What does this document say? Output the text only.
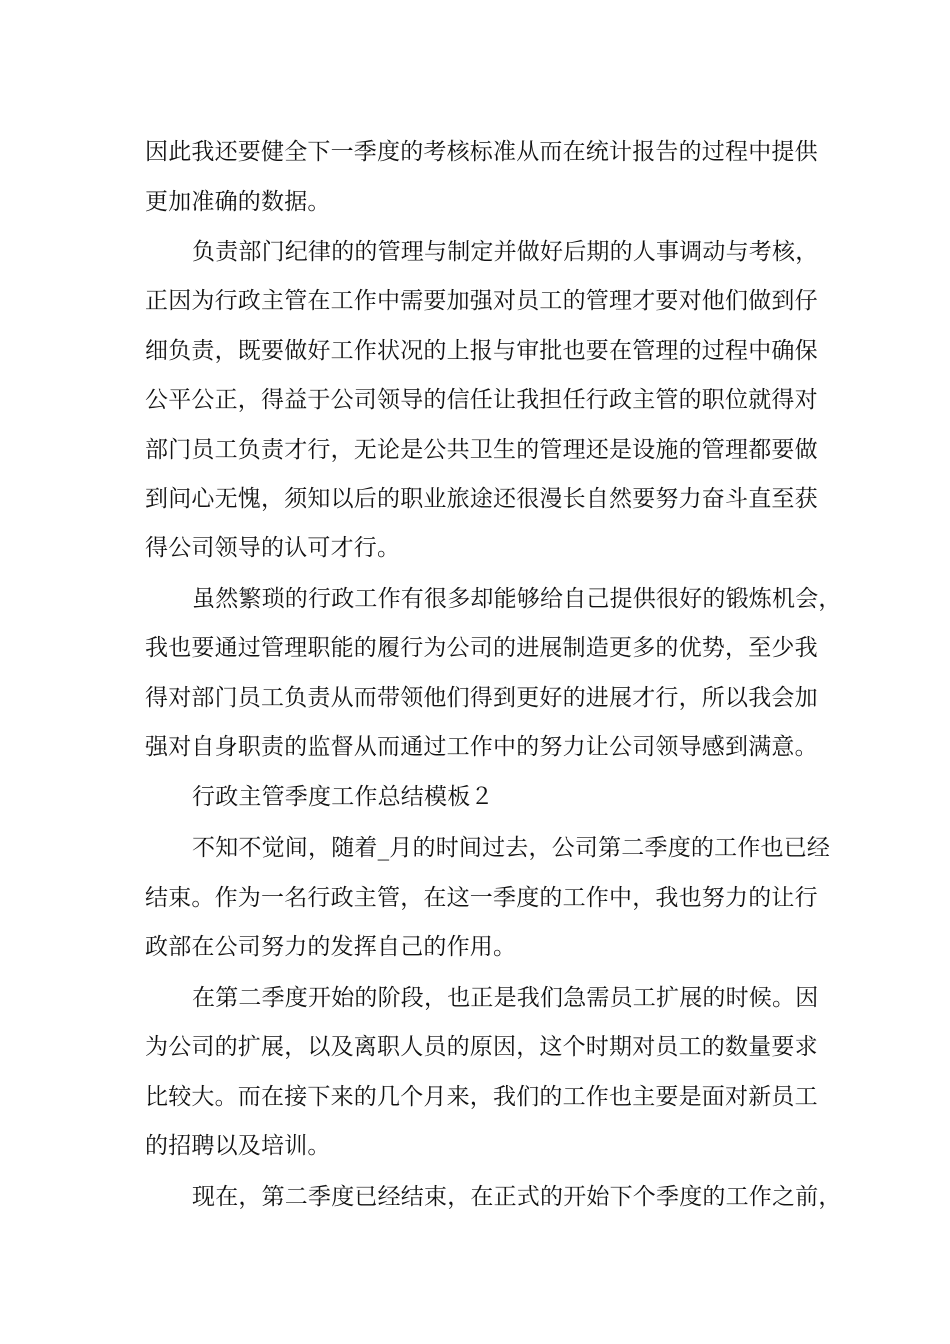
因此我还要健全下一季度的考核标准从而在统计报告的过程中提供
更加准确的数据。
负责部门纪律的的管理与制定并做好后期的人事调动与考核，
正因为行政主管在工作中需要加强对员工的管理才要对他们做到仔
细负责，既要做好工作状况的上报与审批也要在管理的过程中确保
公平公正，得益于公司领导的信任让我担任行政主管的职位就得对
部门员工负责才行，无论是公共卫生的管理还是设施的管理都要做
到问心无愧，须知以后的职业旅途还很漫长自然要努力奋斗直至获
得公司领导的认可才行。
虽然繁琐的行政工作有很多却能够给自己提供很好的锻炼机会，
我也要通过管理职能的履行为公司的进展制造更多的优势，至少我
得对部门员工负责从而带领他们得到更好的进展才行，所以我会加
强对自身职责的监督从而通过工作中的努力让公司领导感到满意。
行政主管季度工作总结模板２
不知不觉间，随着_月的时间过去，公司第二季度的工作也已经
结束。作为一名行政主管，在这一季度的工作中，我也努力的让行
政部在公司努力的发挥自己的作用。
在第二季度开始的阶段，也正是我们急需员工扩展的时候。因
为公司的扩展，以及离职人员的原因，这个时期对员工的数量要求
比较大。而在接下来的几个月来，我们的工作也主要是面对新员工
的招聘以及培训。
现在，第二季度已经结束，在正式的开始下个季度的工作之前，
